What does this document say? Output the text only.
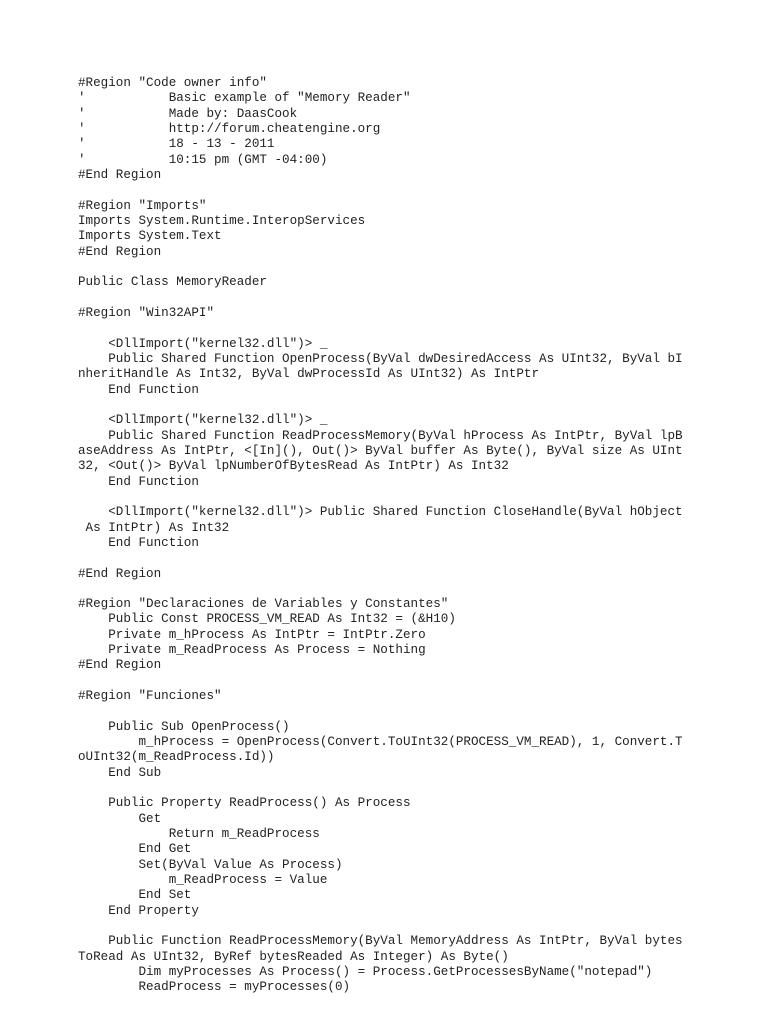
#Region "Code owner info"
'           Basic example of "Memory Reader"
'           Made by: DaasCook
'           http://forum.cheatengine.org
'           18 - 13 - 2011
'           10:15 pm (GMT -04:00)
#End Region
#Region "Imports"
Imports System.Runtime.InteropServices
Imports System.Text
#End Region
Public Class MemoryReader
#Region "Win32API"
<DllImport("kernel32.dll")> _
Public Shared Function OpenProcess(ByVal dwDesiredAccess As UInt32, ByVal bI
nheritHandle As Int32, ByVal dwProcessId As UInt32) As IntPtr
End Function
<DllImport("kernel32.dll")> _
Public Shared Function ReadProcessMemory(ByVal hProcess As IntPtr, ByVal lpB
aseAddress As IntPtr, <[In](), Out()> ByVal buffer As Byte(), ByVal size As UInt
32, <Out()> ByVal lpNumberOfBytesRead As IntPtr) As Int32
End Function
<DllImport("kernel32.dll")> Public Shared Function CloseHandle(ByVal hObject
As IntPtr) As Int32
End Function
#End Region
#Region "Declaraciones de Variables y Constantes"
Public Const PROCESS_VM_READ As Int32 = (&H10)
Private m_hProcess As IntPtr = IntPtr.Zero
Private m_ReadProcess As Process = Nothing
#End Region
#Region "Funciones"
Public Sub OpenProcess()
m_hProcess = OpenProcess(Convert.ToUInt32(PROCESS_VM_READ), 1, Convert.T
oUInt32(m_ReadProcess.Id))
End Sub
Public Property ReadProcess() As Process
Get
Return m_ReadProcess
End Get
Set(ByVal Value As Process)
m_ReadProcess = Value
End Set
End Property
Public Function ReadProcessMemory(ByVal MemoryAddress As IntPtr, ByVal bytes
ToRead As UInt32, ByRef bytesReaded As Integer) As Byte()
Dim myProcesses As Process() = Process.GetProcessesByName("notepad")
ReadProcess = myProcesses(0)
